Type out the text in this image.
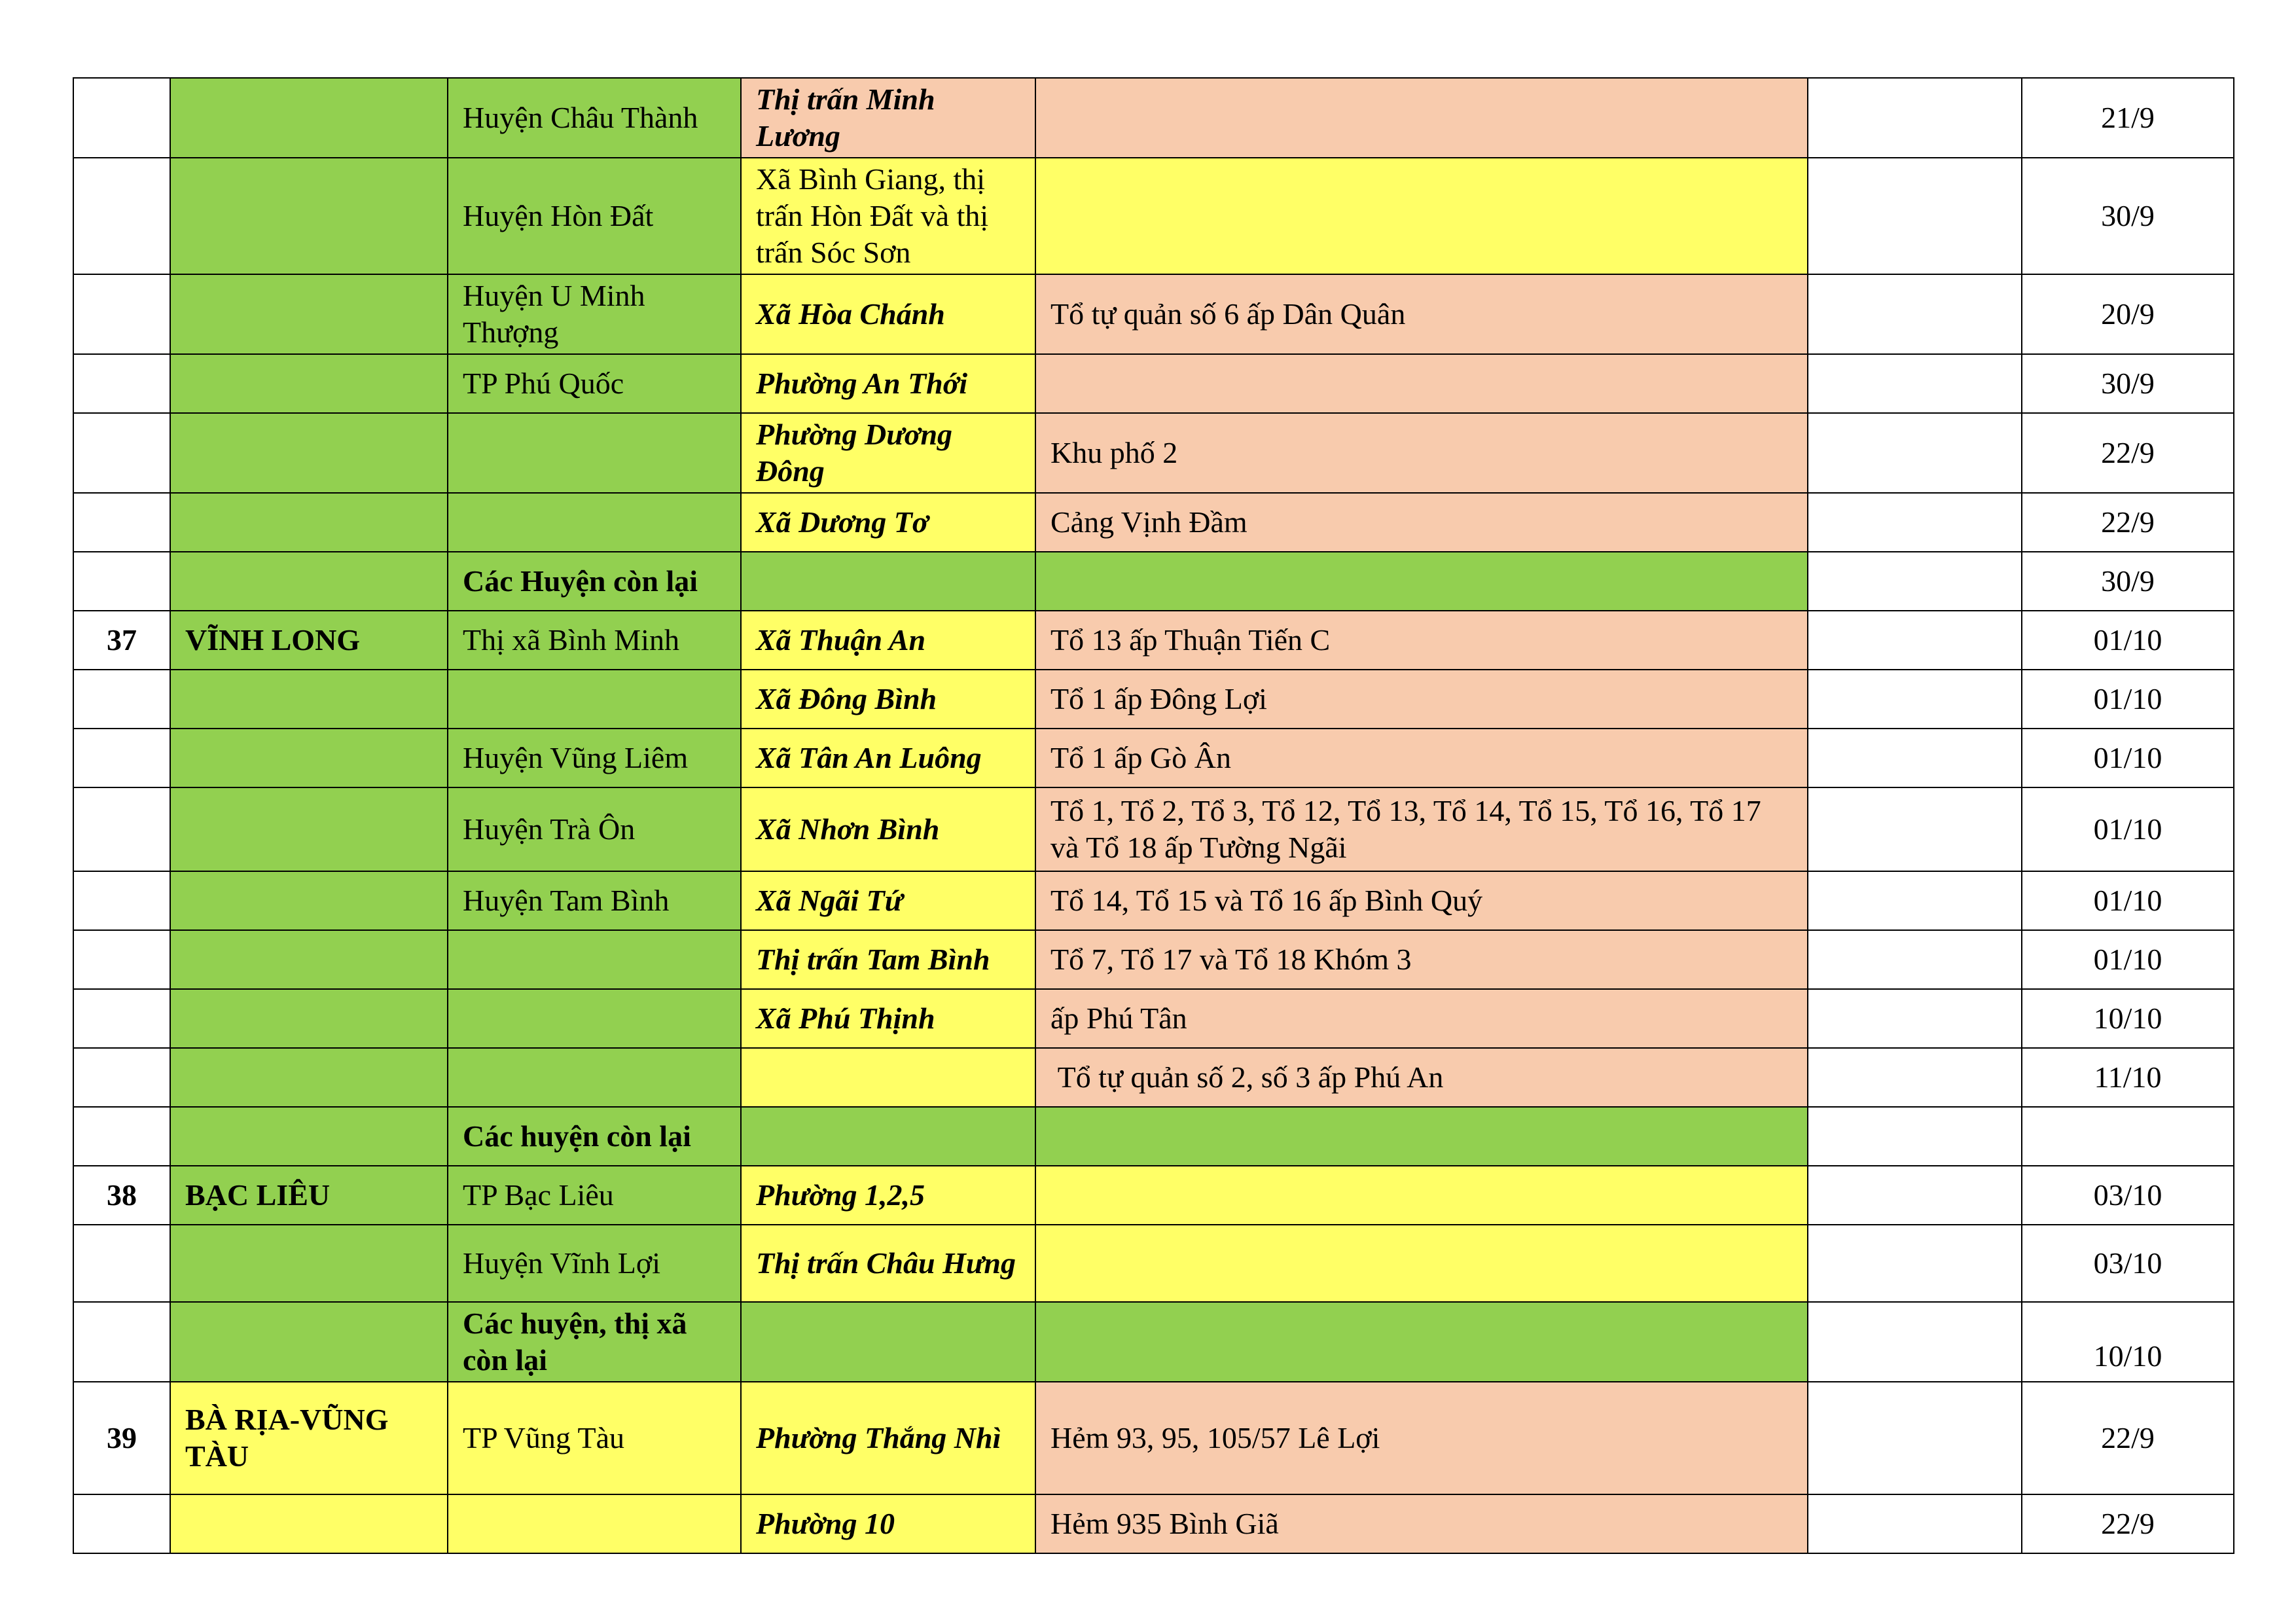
		Huyện Châu Thành	Thị trấn Minh Lương			21/9
		Huyện Hòn Đất	Xã Bình Giang, thị trấn Hòn Đất và thị trấn Sóc Sơn			30/9
		Huyện U Minh Thượng	Xã Hòa Chánh	Tổ tự quản số 6 ấp Dân Quân		20/9
		TP Phú Quốc	Phường An Thới			30/9
			Phường Dương Đông	Khu phố 2		22/9
			Xã Dương Tơ	Cảng Vịnh Đầm		22/9
		Các Huyện còn lại				30/9
37	VĨNH LONG	Thị xã Bình Minh	Xã Thuận An	Tổ 13 ấp Thuận Tiến C		01/10
			Xã Đông Bình	Tổ 1 ấp Đông Lợi		01/10
		Huyện Vũng Liêm	Xã Tân An Luông	Tổ 1 ấp Gò Ân		01/10
		Huyện Trà Ôn	Xã Nhơn Bình	Tổ 1, Tổ 2, Tổ 3, Tổ 12, Tổ 13, Tổ 14, Tổ 15, Tổ 16, Tổ 17 và Tổ 18 ấp Tường Ngãi		01/10
		Huyện Tam Bình	Xã Ngãi Tứ	Tổ 14, Tổ 15 và Tổ 16 ấp Bình Quý		01/10
			Thị trấn Tam Bình	Tổ 7, Tổ 17 và Tổ 18 Khóm 3		01/10
			Xã Phú Thịnh	ấp Phú Tân		10/10
				Tổ tự quản số 2, số 3 ấp Phú An		11/10
		Các huyện còn lại				
38	BẠC LIÊU	TP Bạc Liêu	Phường 1,2,5			03/10
		Huyện Vĩnh Lợi	Thị trấn Châu Hưng			03/10
		Các huyện, thị xã còn lại				10/10
39	BÀ RỊA-VŨNG TÀU	TP Vũng Tàu	Phường Thắng Nhì	Hẻm 93, 95, 105/57 Lê Lợi		22/9
			Phường 10	Hẻm 935 Bình Giã		22/9
